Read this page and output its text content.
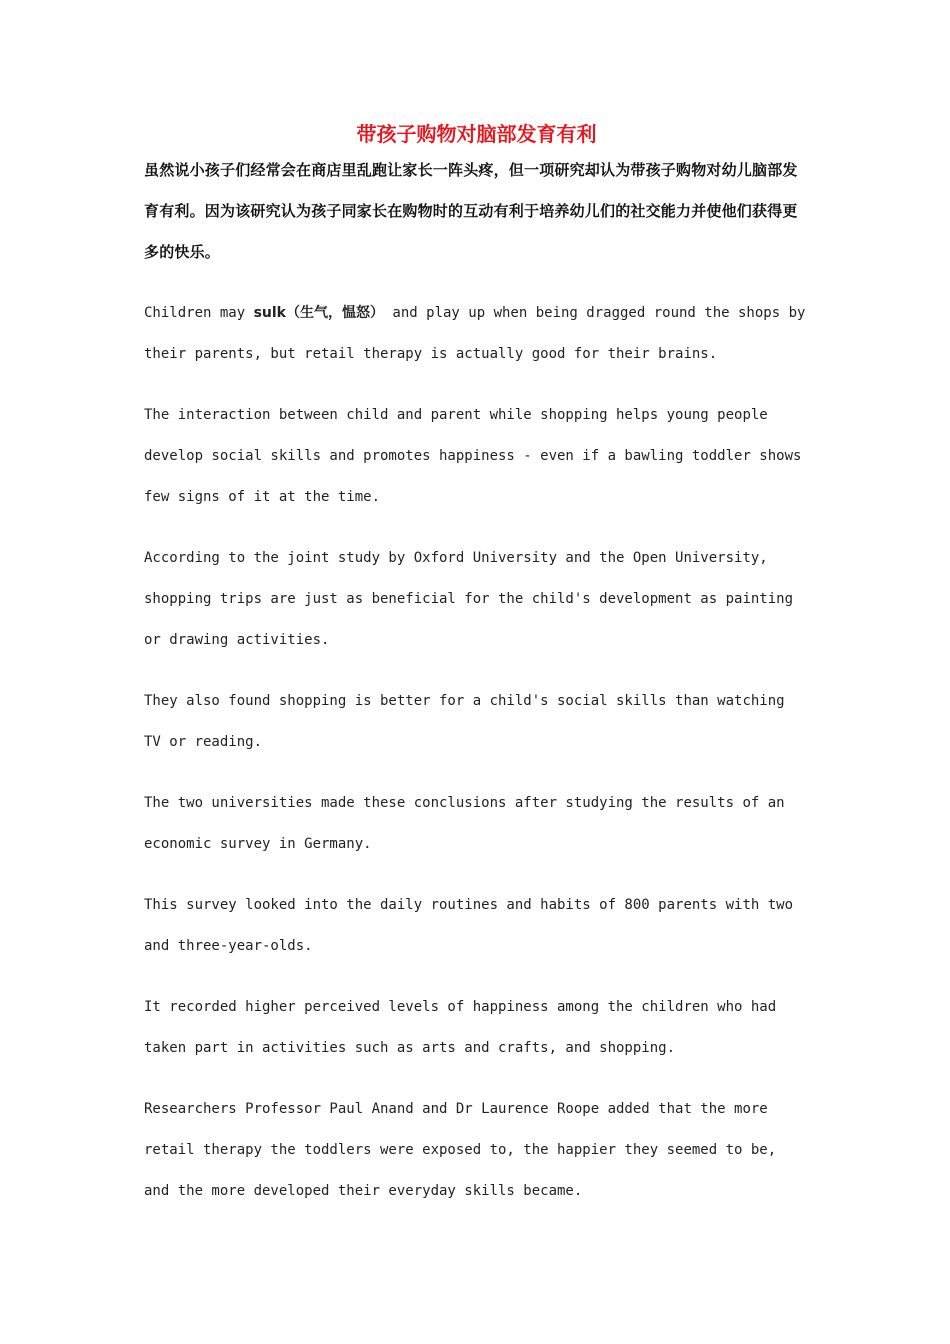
带孩子购物对脑部发育有利

虽然说小孩子们经常会在商店里乱跑让家长一阵头疼，但一项研究却认为带孩子购物对幼儿脑部发育有利。因为该研究认为孩子同家长在购物时的互动有利于培养幼儿们的社交能力并使他们获得更多的快乐。

Children may sulk（生气，愠怒） and play up when being dragged round the shops by their parents, but retail therapy is actually good for their brains.

The interaction between child and parent while shopping helps young people develop social skills and promotes happiness - even if a bawling toddler shows few signs of it at the time.

According to the joint study by Oxford University and the Open University, shopping trips are just as beneficial for the child's development as painting or drawing activities.

They also found shopping is better for a child's social skills than watching TV or reading.

The two universities made these conclusions after studying the results of an economic survey in Germany.

This survey looked into the daily routines and habits of 800 parents with two and three-year-olds.

It recorded higher perceived levels of happiness among the children who had taken part in activities such as arts and crafts, and shopping.

Researchers Professor Paul Anand and Dr Laurence Roope added that the more retail therapy the toddlers were exposed to, the happier they seemed to be, and the more developed their everyday skills became.
